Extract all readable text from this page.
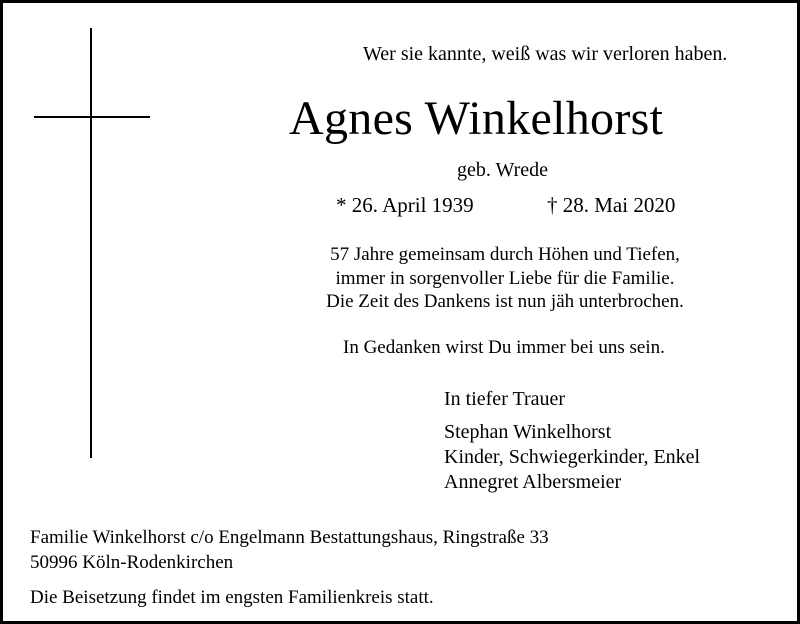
Wer sie kannte, weiß was wir verloren haben.
Agnes Winkelhorst
geb. Wrede
* 26. April 1939	† 28. Mai 2020
57 Jahre gemeinsam durch Höhen und Tiefen,
immer in sorgenvoller Liebe für die Familie.
Die Zeit des Dankens ist nun jäh unterbrochen.
In Gedanken wirst Du immer bei uns sein.
In tiefer Trauer
Stephan Winkelhorst
Kinder, Schwiegerkinder, Enkel
Annegret Albersmeier
Familie Winkelhorst c/o Engelmann Bestattungshaus, Ringstraße 33
50996 Köln-Rodenkirchen
Die Beisetzung findet im engsten Familienkreis statt.
